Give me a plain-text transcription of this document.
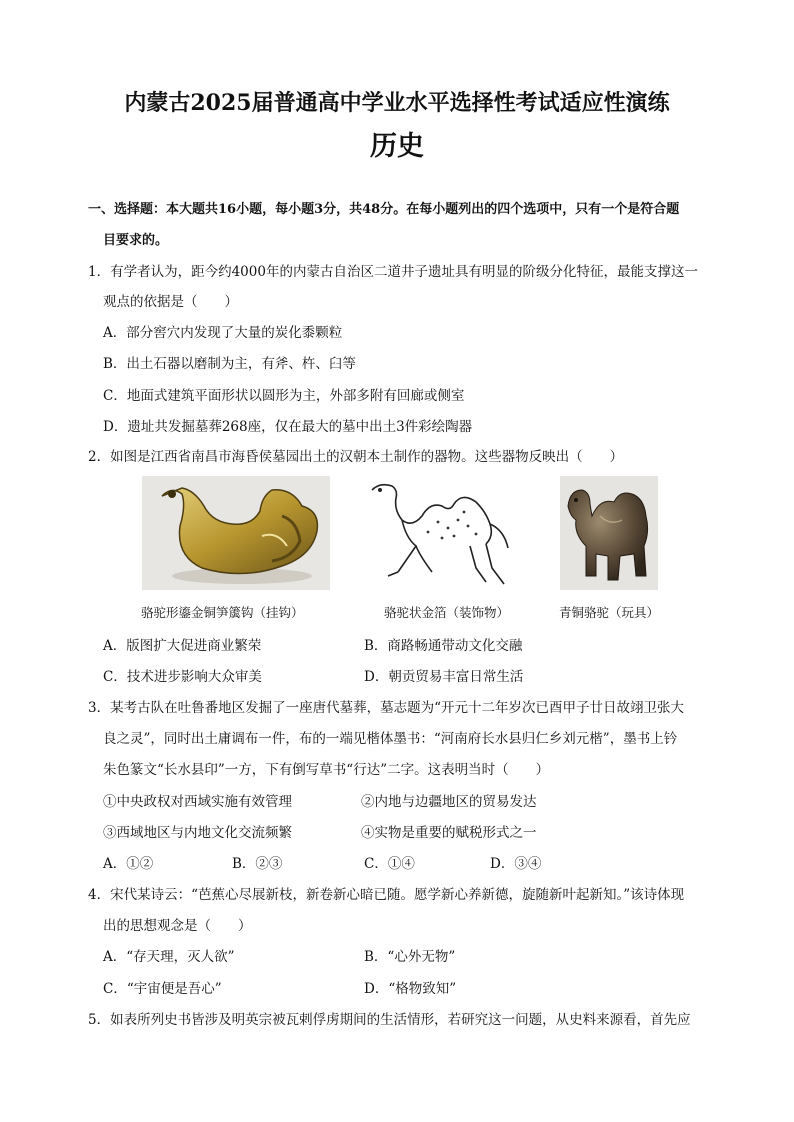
内蒙古2025届普通高中学业水平选择性考试适应性演练
历史
一、选择题：本大题共16小题，每小题3分，共48分。在每小题列出的四个选项中，只有一个是符合题
目要求的。
1．有学者认为，距今约4000年的内蒙古自治区二道井子遗址具有明显的阶级分化特征，最能支撑这一
观点的依据是（　　）
A．部分窖穴内发现了大量的炭化黍颗粒
B．出土石器以磨制为主，有斧、杵、臼等
C．地面式建筑平面形状以圆形为主，外部多附有回廊或侧室
D．遗址共发掘墓葬268座，仅在最大的墓中出土3件彩绘陶器
2．如图是江西省南昌市海昏侯墓园出土的汉朝本土制作的器物。这些器物反映出（　　）
骆驼形鎏金铜笋簴钩（挂钩）	骆驼状金箔（装饰物）	青铜骆驼（玩具）
A．版图扩大促进商业繁荣	B．商路畅通带动文化交融
C．技术进步影响大众审美	D．朝贡贸易丰富日常生活
3．某考古队在吐鲁番地区发掘了一座唐代墓葬，墓志题为“开元十二年岁次已酉甲子廿日故翊卫张大
良之灵”，同时出土庸调布一件，布的一端见楷体墨书：“河南府长水县归仁乡刘元楷”，墨书上钤
朱色篆文“长水县印”一方，下有倒写草书“行达”二字。这表明当时（　　）
①中央政权对西域实施有效管理	②内地与边疆地区的贸易发达
③西域地区与内地文化交流频繁	④实物是重要的赋税形式之一
A．①②	B．②③	C．①④	D．③④
4．宋代某诗云：“芭蕉心尽展新枝，新卷新心暗已随。愿学新心养新德，旋随新叶起新知。”该诗体现
出的思想观念是（　　）
A．“存天理，灭人欲”	B．“心外无物”
C．“宇宙便是吾心”	D．“格物致知”
5．如表所列史书皆涉及明英宗被瓦剌俘虏期间的生活情形，若研究这一问题，从史料来源看，首先应
